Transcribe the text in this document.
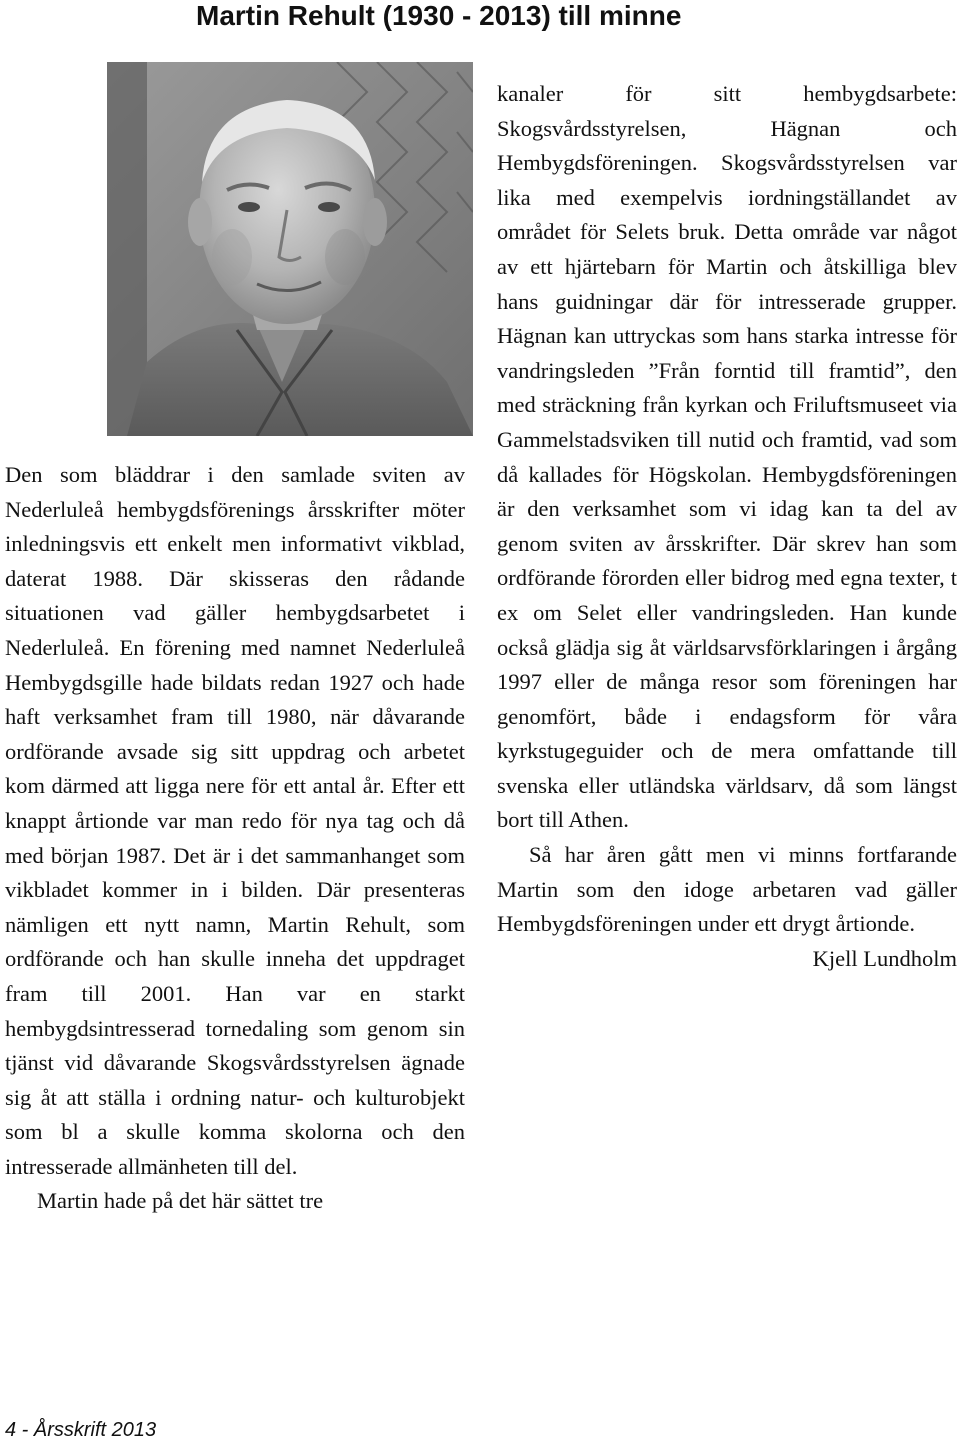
Martin Rehult (1930 - 2013) till minne

Den som bläddrar i den samlade sviten av Nederluleå hembygdsförenings årsskrifter möter inledningsvis ett enkelt men informativt vikblad, daterat 1988. Där skisseras den rådande situationen vad gäller hembygdsarbetet i Nederluleå. En förening med namnet Nederluleå Hembygdsgille hade bildats redan 1927 och hade haft verksamhet fram till 1980, när dåvarande ordförande avsade sig sitt uppdrag och arbetet kom därmed att ligga nere för ett antal år. Efter ett knappt årtionde var man redo för nya tag och då med början 1987. Det är i det sammanhanget som vikbladet kommer in i bilden. Där presenteras nämligen ett nytt namn, Martin Rehult, som ordförande och han skulle inneha det uppdraget fram till 2001. Han var en starkt hembygdsintresserad tornedaling som genom sin tjänst vid dåvarande Skogsvårdsstyrelsen ägnade sig åt att ställa i ordning natur- och kulturobjekt som bl a skulle komma skolorna och den intresserade allmänheten till del.

Martin hade på det här sättet tre

kanaler för sitt hembygdsarbete: Skogsvårdsstyrelsen, Hägnan och Hembygdsföreningen. Skogsvårdsstyrelsen var lika med exempelvis iordningställandet av området för Selets bruk. Detta område var något av ett hjärtebarn för Martin och åtskilliga blev hans guidningar där för intresserade grupper. Hägnan kan uttryckas som hans starka intresse för vandringsleden ”Från forntid till framtid”, den med sträckning från kyrkan och Friluftsmuseet via Gammelstadsviken till nutid och framtid, vad som då kallades för Högskolan. Hembygdsföreningen är den verksamhet som vi idag kan ta del av genom sviten av årsskrifter. Där skrev han som ordförande förorden eller bidrog med egna texter, t ex om Selet eller vandringsleden. Han kunde också glädja sig åt världsarvsförklaringen i årgång 1997 eller de många resor som föreningen har genomfört, både i endagsform för våra kyrkstugeguider och de mera omfattande till svenska eller utländska världsarv, då som längst bort till Athen.

Så har åren gått men vi minns fortfarande Martin som den idoge arbetaren vad gäller Hembygdsföreningen under ett drygt årtionde.

Kjell Lundholm

4 - Årsskrift 2013
